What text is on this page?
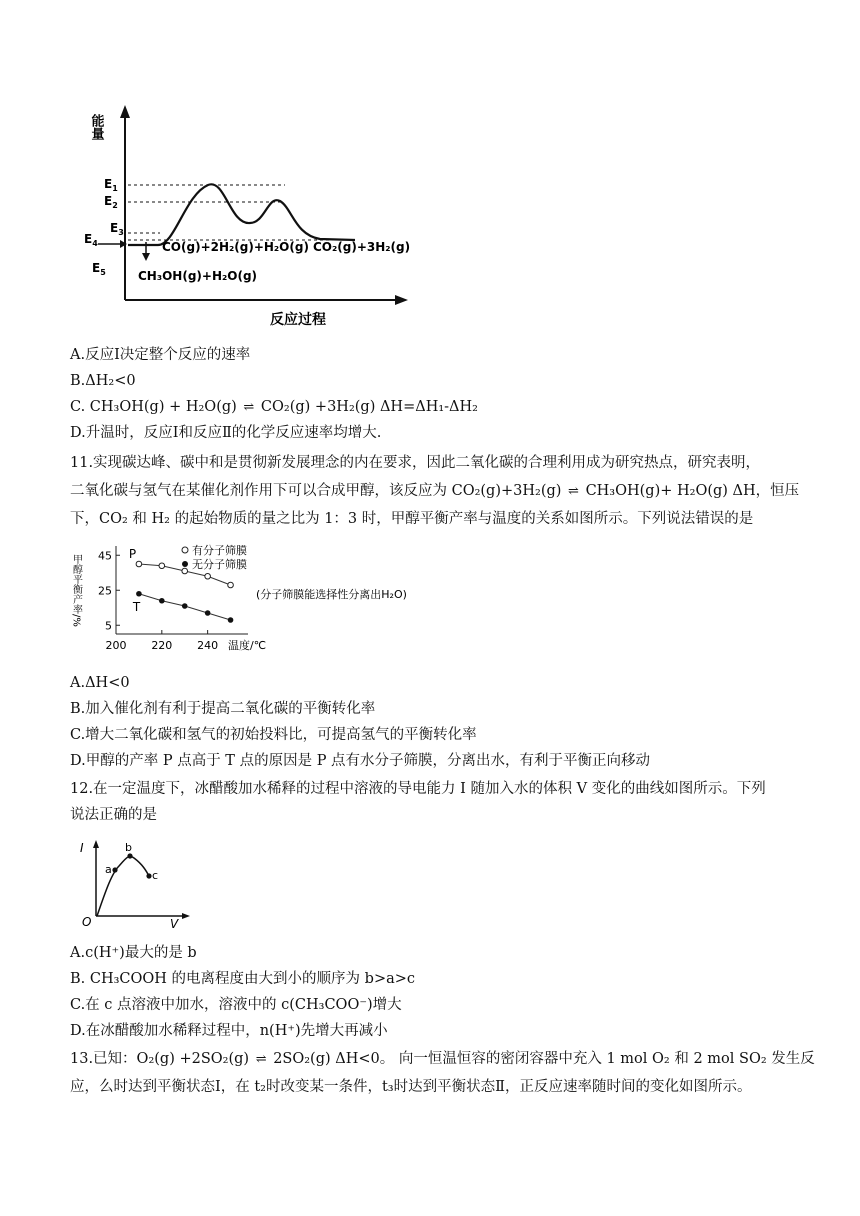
能量
反应过程
$E_1$
$E_2$
$E_3$
$E_4$
$E_5$
CO(g)+2H₂(g)+H₂O(g) CO₂(g)+3H₂(g)
CH₃OH(g)+H₂O(g)
A.反应Ⅰ决定整个反应的速率
B.ΔH₂<0
C. CH₃OH(g) + H₂O(g) ⇌ CO₂(g) +3H₂(g) ΔH=ΔH₁-ΔH₂
D.升温时，反应Ⅰ和反应Ⅱ的化学反应速率均增大.
11.实现碳达峰、碳中和是贯彻新发展理念的内在要求，因此二氧化碳的合理利用成为研究热点，研究表明，
二氧化碳与氢气在某催化剂作用下可以合成甲醇，该反应为 CO₂(g)+3H₂(g) ⇌ CH₃OH(g)+ H₂O(g) ΔH，恒压
下，CO₂ 和 H₂ 的起始物质的量之比为 1：3 时，甲醇平衡产率与温度的关系如图所示。下列说法错误的是
5
25
45
200 220 240 温度/℃
甲醇平衡产率/%	P
T
有分子筛膜
无分子筛膜
(分子筛膜能选择性分离出H₂O)
A.ΔH<0
B.加入催化剂有利于提高二氧化碳的平衡转化率
C.增大二氧化碳和氢气的初始投料比，可提高氢气的平衡转化率
D.甲醇的产率 P 点高于 T 点的原因是 P 点有水分子筛膜，分离出水，有利于平衡正向移动
12.在一定温度下，冰醋酸加水稀释的过程中溶液的导电能力 I 随加入水的体积 V 变化的曲线如图所示。下列
说法正确的是
I
V
O
a
b
c
A.c(H⁺)最大的是 b
B. CH₃COOH 的电离程度由大到小的顺序为 b>a>c
C.在 c 点溶液中加水，溶液中的 c(CH₃COO⁻)增大
D.在冰醋酸加水稀释过程中，n(H⁺)先增大再减小
13.已知：O₂(g) +2SO₂(g) ⇌ 2SO₂(g) ΔH<0。 向一恒温恒容的密闭容器中充入 1 mol O₂ 和 2 mol SO₂ 发生反
应，么时达到平衡状态Ⅰ，在 t₂时改变某一条件，t₃时达到平衡状态Ⅱ，正反应速率随时间的变化如图所示。
